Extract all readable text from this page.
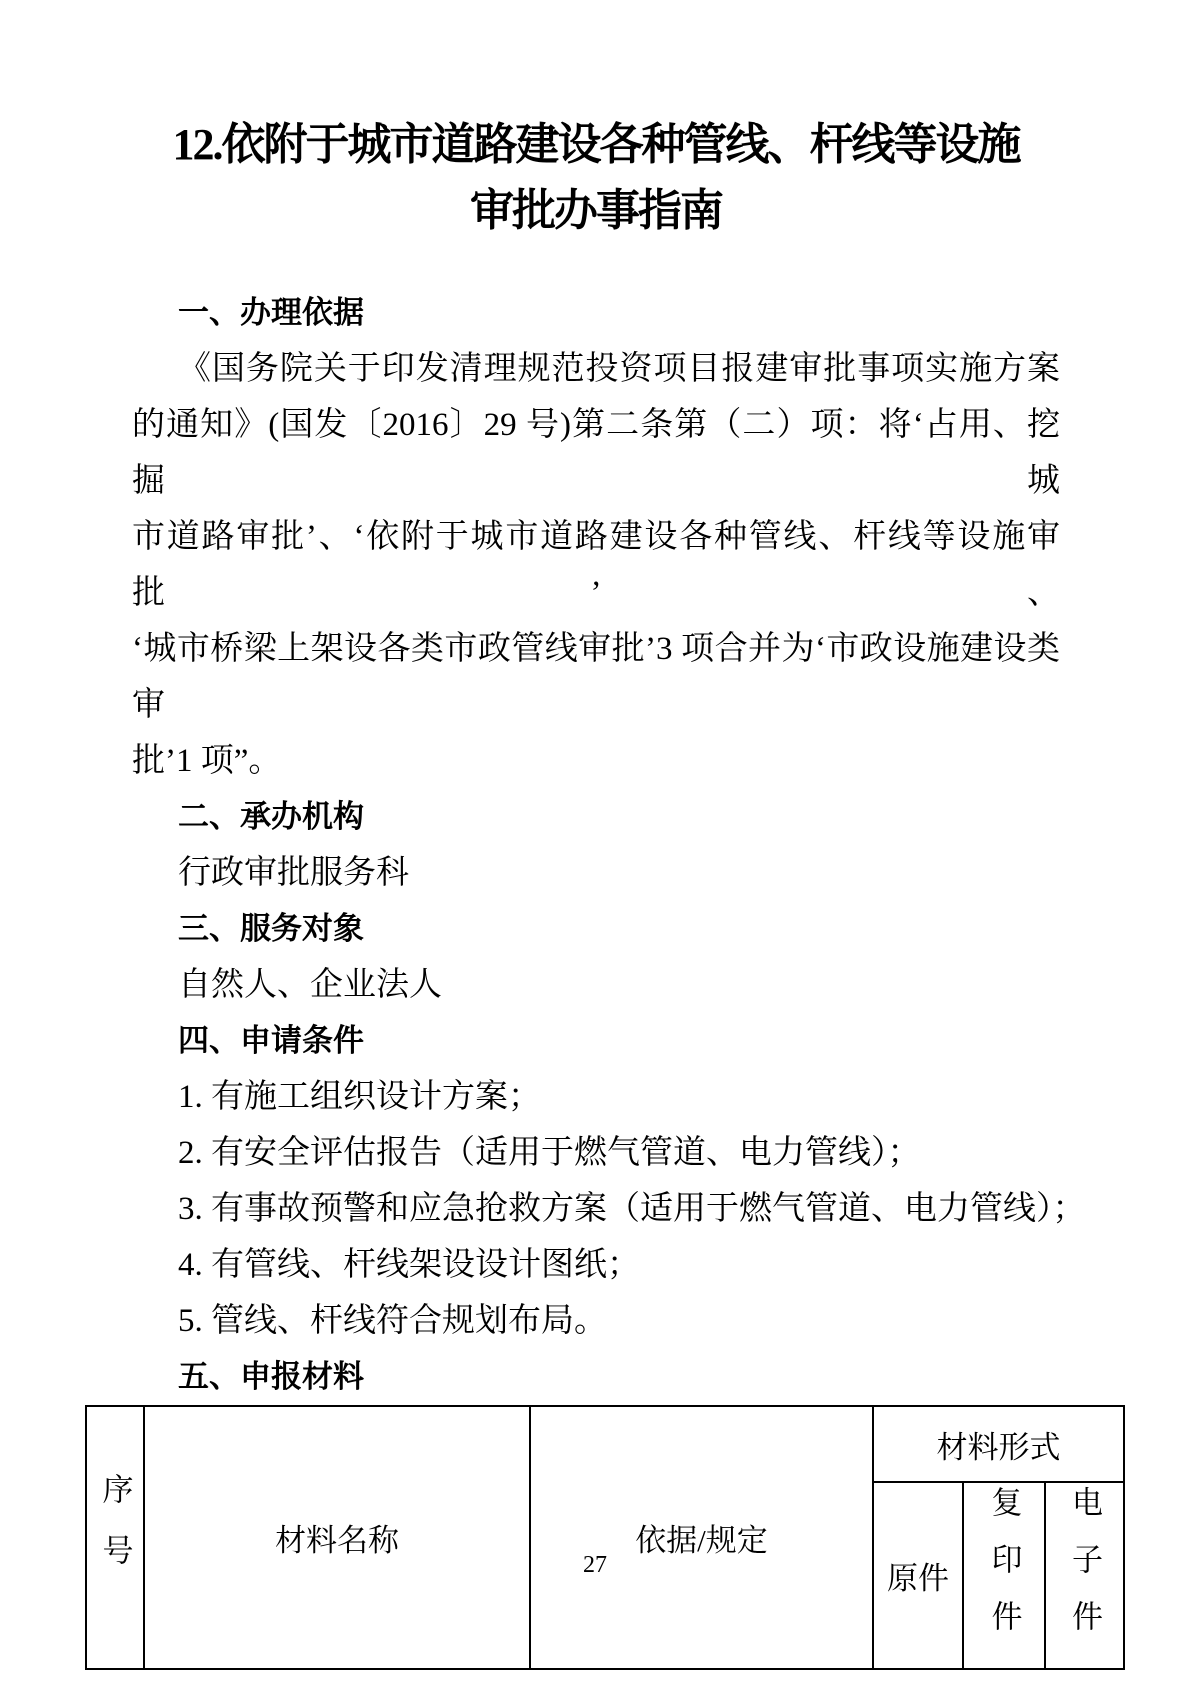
12.依附于城市道路建设各种管线、杆线等设施
审批办事指南
一、办理依据
《国务院关于印发清理规范投资项目报建审批事项实施方案
的通知》(国发〔2016〕29 号)第二条第（二）项：将‘占用、挖掘城
市道路审批’、‘依附于城市道路建设各种管线、杆线等设施审批’、
‘城市桥梁上架设各类市政管线审批’3 项合并为‘市政设施建设类审
批’1 项”。
二、承办机构
行政审批服务科
三、服务对象
自然人、企业法人
四、申请条件
1. 有施工组织设计方案；
2. 有安全评估报告（适用于燃气管道、电力管线）；
3. 有事故预警和应急抢救方案（适用于燃气管道、电力管线）；
4. 有管线、杆线架设设计图纸；
5. 管线、杆线符合规划布局。
五、申报材料
序号	材料名称	依据/规定	材料形式		
			原件	复印件	电子件
27
